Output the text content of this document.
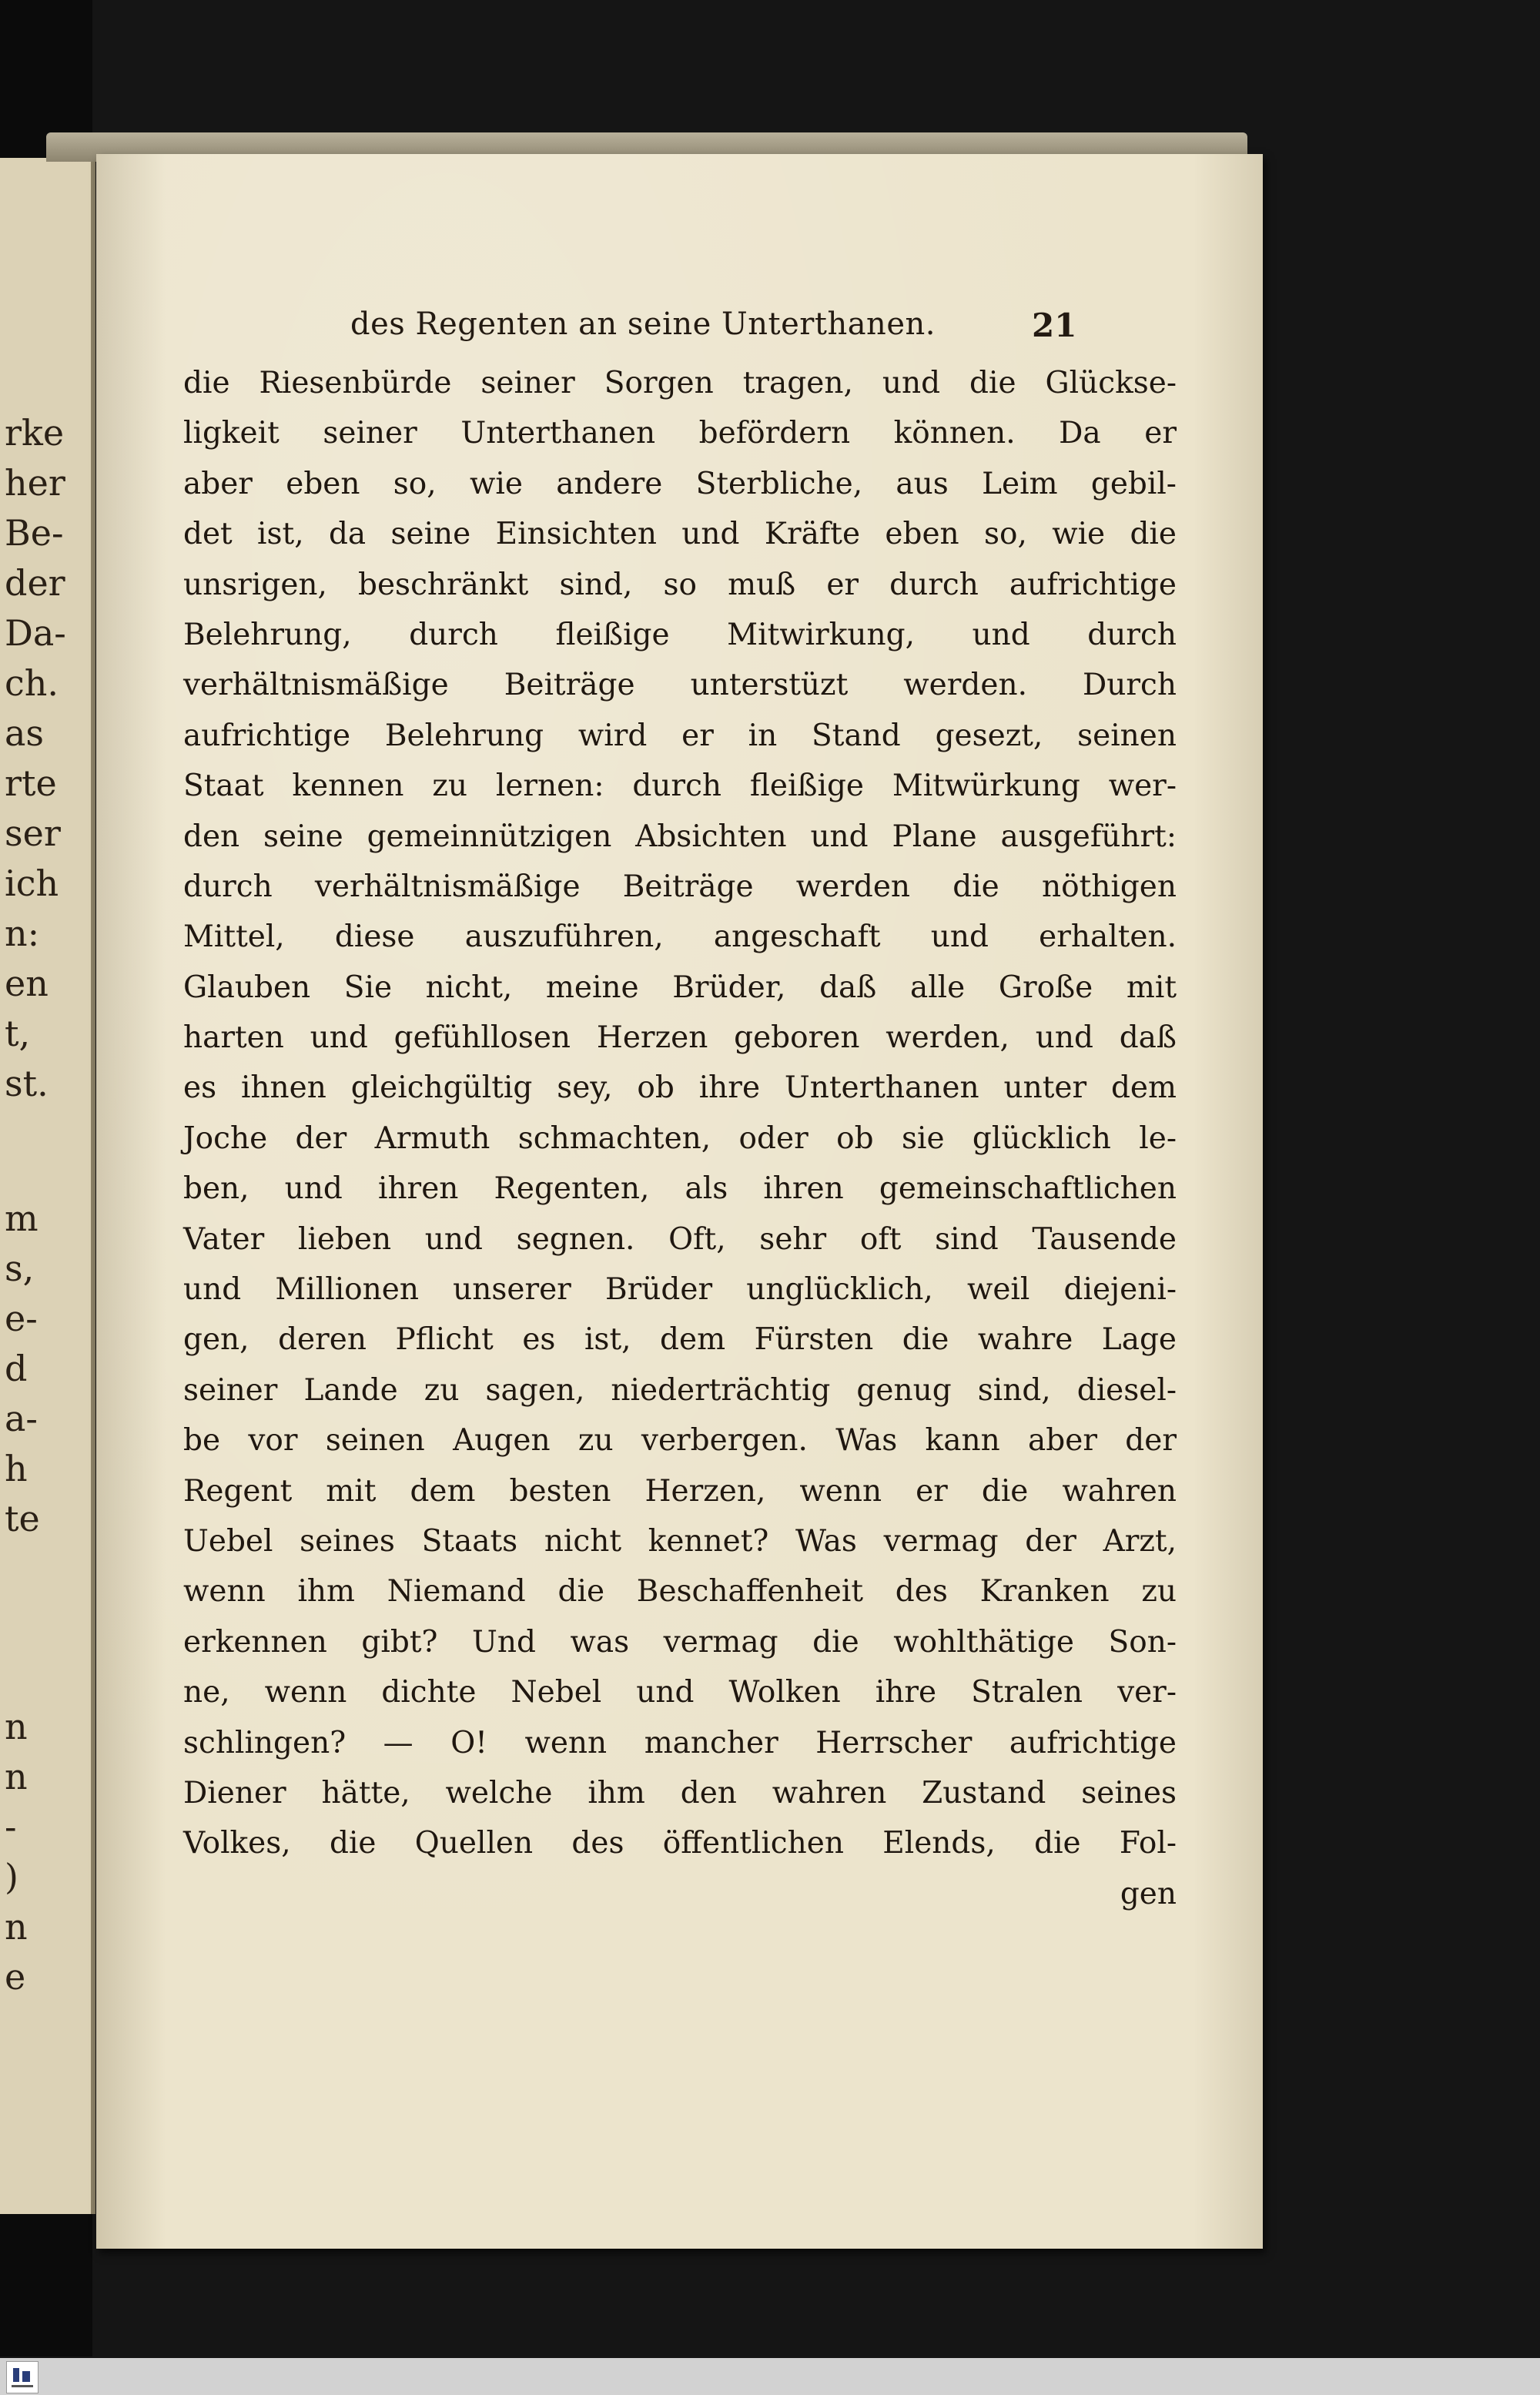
rke
her
Be-
der
Da-
ch.
as
rte
ser
ich
n:
en
t,
st.
m
s,
e-
d
a-
h
te
n
n
-
)
n
e
des Regenten an seine Unterthanen.	21
die Riesenbürde seiner Sorgen tragen, und die Glückse-
ligkeit seiner Unterthanen befördern können. Da er
aber eben so, wie andere Sterbliche, aus Leim gebil-
det ist, da seine Einsichten und Kräfte eben so, wie die
unsrigen, beschränkt sind, so muß er durch aufrichtige
Belehrung, durch fleißige Mitwirkung, und durch
verhältnismäßige Beiträge unterstüzt werden. Durch
aufrichtige Belehrung wird er in Stand gesezt, seinen
Staat kennen zu lernen: durch fleißige Mitwürkung wer-
den seine gemeinnützigen Absichten und Plane ausgeführt:
durch verhältnismäßige Beiträge werden die nöthigen
Mittel, diese auszuführen, angeschaft und erhalten.
Glauben Sie nicht, meine Brüder, daß alle Große mit
harten und gefühllosen Herzen geboren werden, und daß
es ihnen gleichgültig sey, ob ihre Unterthanen unter dem
Joche der Armuth schmachten, oder ob sie glücklich le-
ben, und ihren Regenten, als ihren gemeinschaftlichen
Vater lieben und segnen. Oft, sehr oft sind Tausende
und Millionen unserer Brüder unglücklich, weil diejeni-
gen, deren Pflicht es ist, dem Fürsten die wahre Lage
seiner Lande zu sagen, niederträchtig genug sind, diesel-
be vor seinen Augen zu verbergen. Was kann aber der
Regent mit dem besten Herzen, wenn er die wahren
Uebel seines Staats nicht kennet? Was vermag der Arzt,
wenn ihm Niemand die Beschaffenheit des Kranken zu
erkennen gibt? Und was vermag die wohlthätige Son-
ne, wenn dichte Nebel und Wolken ihre Stralen ver-
schlingen? — O! wenn mancher Herrscher aufrichtige
Diener hätte, welche ihm den wahren Zustand seines
Volkes, die Quellen des öffentlichen Elends, die Fol-
gen
